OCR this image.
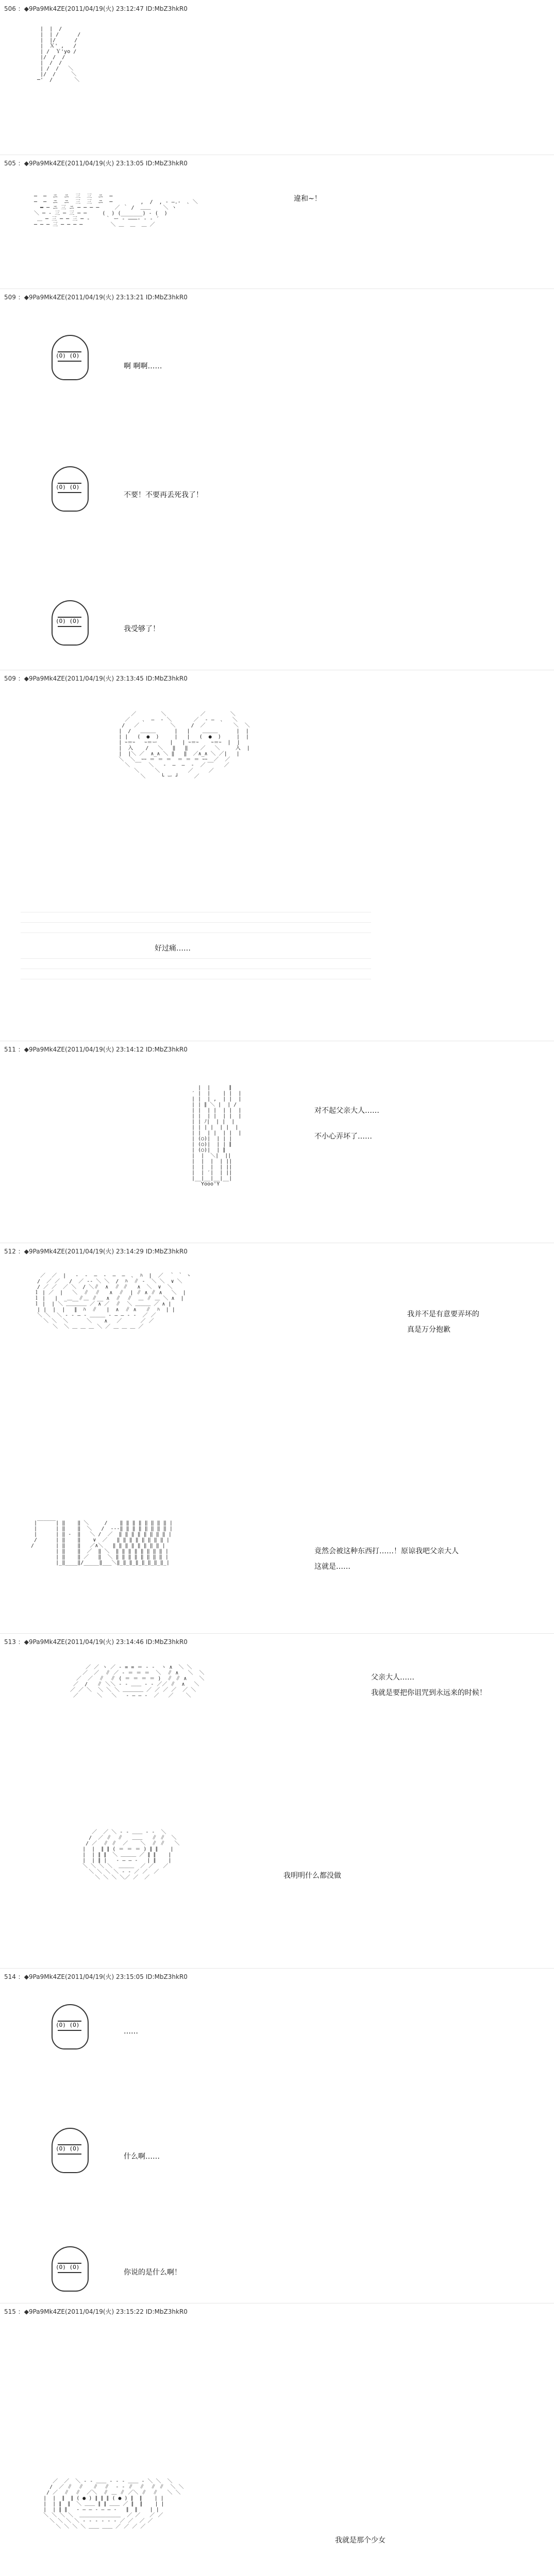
506 ：◆9Pa9Mk4ZE(2011/04/19(火) 23:12:47 ID:MbZ3hkR0

|  |  /
|  | /      /
|  |/      /
|  Ｘ' ,   /
| /  Ｙ'yo /
|/  /  /
|  /  /
| /  /   ＼
|/  /     ＼
─'  /       ＼

505 ：◆9Pa9Mk4ZE(2011/04/19(火) 23:13:05 ID:MbZ3hkR0

─  ─  ニ  ニ  三  三  ニ  ─
─  ─  ニ  ニ  三  三  ニ  ─         ,  /  , ‐ ―.‐  ､ ＼
━ ─ ニ 三 ニ ─ ─ ─ ─     ／ ｀ /  ＿＿    ＼ ヽ
＼ ─ ‐ 三 ─ 三 ─ ─     (  ) (_______) ‐ (  )
＿ ─ 三 ─ ─ 三 ─ ‐     ｀ ー ‐ ―――‐ ‐ ‐ ´
─ ─ ─ 三 ─ ─ ─ ─         ＼ ＿  ＿  ＿ ／

違和~！
509 ：◆9Pa9Mk4ZE(2011/04/19(火) 23:13:21 ID:MbZ3hkR0
(O) (O)
啊 啊啊……
(O) (O)
不要！不要再丢死我了！
(O) (O)
我受够了！
509 ：◆9Pa9Mk4ZE(2011/04/19(火) 23:13:45 ID:MbZ3hkR0

／        ＼           ／        ＼
／    ､  ―  ‐ ＼       ／  ‐ ―  ､   ＼
/   ／          ＼     /  ／         ＼  ＼
|  /   ＿＿＿      |   |    ＿＿＿      |  |
| |   (  ●  )     |   |   (  ●  )     |  |
| ｰ＝ｰ   ｰ＝ー    |   | ｰ＝ｰ    ｰ＝ｰ  |  |
|  入    /   ＼   ‖   ‖    ／   ＼     入  |
|  |＼ ／  ∧_∧ ＼ ‖   ‖  ／∧_∧ ＼ ／|   |
＼  ＼__ｰｰ ＝ ＝ ＝  ＝ ＝ ＝ ｰｰ__／  ／
＼      ＼   ‐  ―  ―  ‐  ／      ／
＼     ＼         ／     ／
＼     └ ー ┘     ／

好过痛……
511 ：◆9Pa9Mk4ZE(2011/04/19(火) 23:14:12 ID:MbZ3hkR0

|  |      ∥
′ |  |    | |  |
| |  | ,  | |  |
| | ∥ ＼ |  | /
| |  | |  | |  |
| |  | |  | |  |
| | ﾉ|  | |  |
| | | |  | |  |
| |  | |  | |  |
| (○)|  | | |
| (○)|  | | ∥
| (○)|  | ∥
|  |  ＼|  ||
|  |  |  | ||
|  |  |  | ||
|  | ′|  | ||
|__|__|__|__|
Yooo'Y

对不起父亲大人……
不小心弄坏了……
512 ：◆9Pa9Mk4ZE(2011/04/19(火) 23:14:29 ID:MbZ3hkR0

／  ／  |   ‐  ‐  ―  ‐  ―  ―  ､  ﾊ  |  ／  ｀ ｀ ヽ
/  ／ ／   /  ／ ‐‐ ＼ ＼  /  ﾊ  ∥ ‐  ＼ ＼  ∨ ＼
/ ／ ／  ／ ＼  / ＼∥  ∧  ∥ ∥   ∧  ＼  ∨  ＼
ｌ | ／  |   ＼  ∥  ∥   ∧  ∥  | ∥ ∧ ∥ ∧   ＼  |
ｌ |   |  _＿__∥＿ ∥__ ∧  ∥  ∥  ＿ ∥ ＿ ＼ ∧  |
ｌ |  | ＼ ＿＿＿＿ ／ ∧ ／  ∥  ＼ ＿＿＿ ／ ∧ |
| |  |  |   ∥  ﾊ  ∥   |  ∧  ∥ ∧   ∥  ﾊ  | |
＼ ＼  ＼ ‐ ‐ ― ‐ ＿＿＿ ‐ ― ― ‐ ‐  ／ ／
＼ ＼  ＼      ＼    ∧   ／      ／ ／
＼  ＼ ＿ ＿ ＿ ＼ ／ ＿ ＿ ＿ ／

我并不是有意要弄坏的
真是万分抱歉

|‾‾‾‾‾‾| ‖    ‖ ＼     /    ‖ ‖ ‖ ‖ ‖ ‖ ‖ ‖ |
|      | ‖    ‖  ＼   /  ‐‐‐‖ ‖ ‖ ‖ ‖ ‖ ‖ ‖ |
|      | ‖ ‐  ‖   ＼ /  ／  ‖ ‖ ‖ ‖ ‖ ‖ ‖ ‖ |
/      | ‖    ‖    ∨  ／   ‖ ‖ ‖ ‖ ‖ ‖ ‖ ‖ |
/       | ‖    ‖   ／∧＼   ‖ ‖ ‖ ‖ ‖ ‖ ‖ ‖ |
| ‖    ‖  ／  ‖ ＼  ‖ ‖ ‖ ‖ ‖ ‖ ‖ ‖ |
| ‖    ‖ ／   ‖  ＼ ‖ ‖ ‖ ‖ ‖ ‖ ‖ ‖ |
|_‖____‖/_____‖___＼‖_‖_‖_‖_‖_‖_‖_‖_|

竟然会被这种东西打……！原谅我吧父亲大人
这就是……
513 ：◆9Pa9Mk4ZE(2011/04/19(火) 23:14:46 ID:MbZ3hkR0

／ ／ ヽ ／ ‐ = = ＝ ‐ ‐  ヽ ∧  ＼ ＼
／  ／  ∥ ／ ‐ ＝ ＝ ＝  ＼  ∥ ∧   ＼  ＼
／  ／  ∥  ∥ ( ＝ ＝ ＝ ＝ )  ∥ ∥ ∧    ＼
／  /   ∥ ＼＼ ‐ ‐ ＿＿ ‐ ‐ ／／ ∥  ∧   ＼
／ ／ ＼  ＼ ＼ ＼ ＿＿＿＿ ／ ／ ／ ／  ／ ＼
／      ＼   ＼   ‐ ― ― ‐  ／   ／    ＼

父亲大人……
我就是要把你诅咒到永远来的时候！

／  ／ ＼ ‐ ‐ ＿＿ ‐ ‐  ＼
/  ／ ∥  ∥   ＿＿   ∥ ∥  ＼
/ ／  ∥ ∥  ／    ＼  ∥ ∥   ＼
|  |  ∥ ∥ ( ＝ ＝ ＝ ) ∥ ∥    |
|  | ∥ ∥  ＼ ＿＿＿ ／ ∥ ∥    |
|  | ∥ |   ‐ ― ― ‐   | ∥    |
＼ ＼ ＼ ＼  ＿＿＿  ／ ／   ／
＼ ＼ ＼ ＼ ‐ ‐ ／ ／  ／
＼ ＼ ＼ ＼／ ／  ／	我明明什么都没做
514 ：◆9Pa9Mk4ZE(2011/04/19(火) 23:15:05 ID:MbZ3hkR0
(O) (O)
……
(O) (O)
什么啊……
(O) (O)
你说的是什么啊！
515 ：◆9Pa9Mk4ZE(2011/04/19(火) 23:15:22 ID:MbZ3hkR0

／  ／  ＼ ‐ ‐ ＿＿ ‐ ‐ ‐ ＿＿ ‐ ＼ ＼  ＼
/  ／ ∥  ∥   ∥  ∥  ‐ ‐ ∥  ∥  ∥ ∥  ＼ ＼
/ ／  ∥  ∥  ／＼  ∥ ＿ ∥ ／＼ ∥  ∥   ＼ ＼
|  |  ∥  ∥ ( ● ) ∥ ∥ ∥ ( ● ) ∥  ∥    | |
|  | ∥  ∥  ＼ ＿＿ ∥ ∥ ＿＿ ／ ∥  ∥    | |
|  | ∥ ∥   ‐ ― ― ‐ ― ― ‐   ∥  ∥    | |
＼ ＼ ＼ ＼  ＿＿＿＿＿＿＿＿  ／ ／   ／ ／
＼ ＼ ＼ ＼ ‐ ‐ ‐ ‐ ‐ ‐ ／ ／  ／ ／
＼ ＼ ＼ ＼ ＿＿ ＿＿ ／ ／ ／ ／

我就是那个少女
